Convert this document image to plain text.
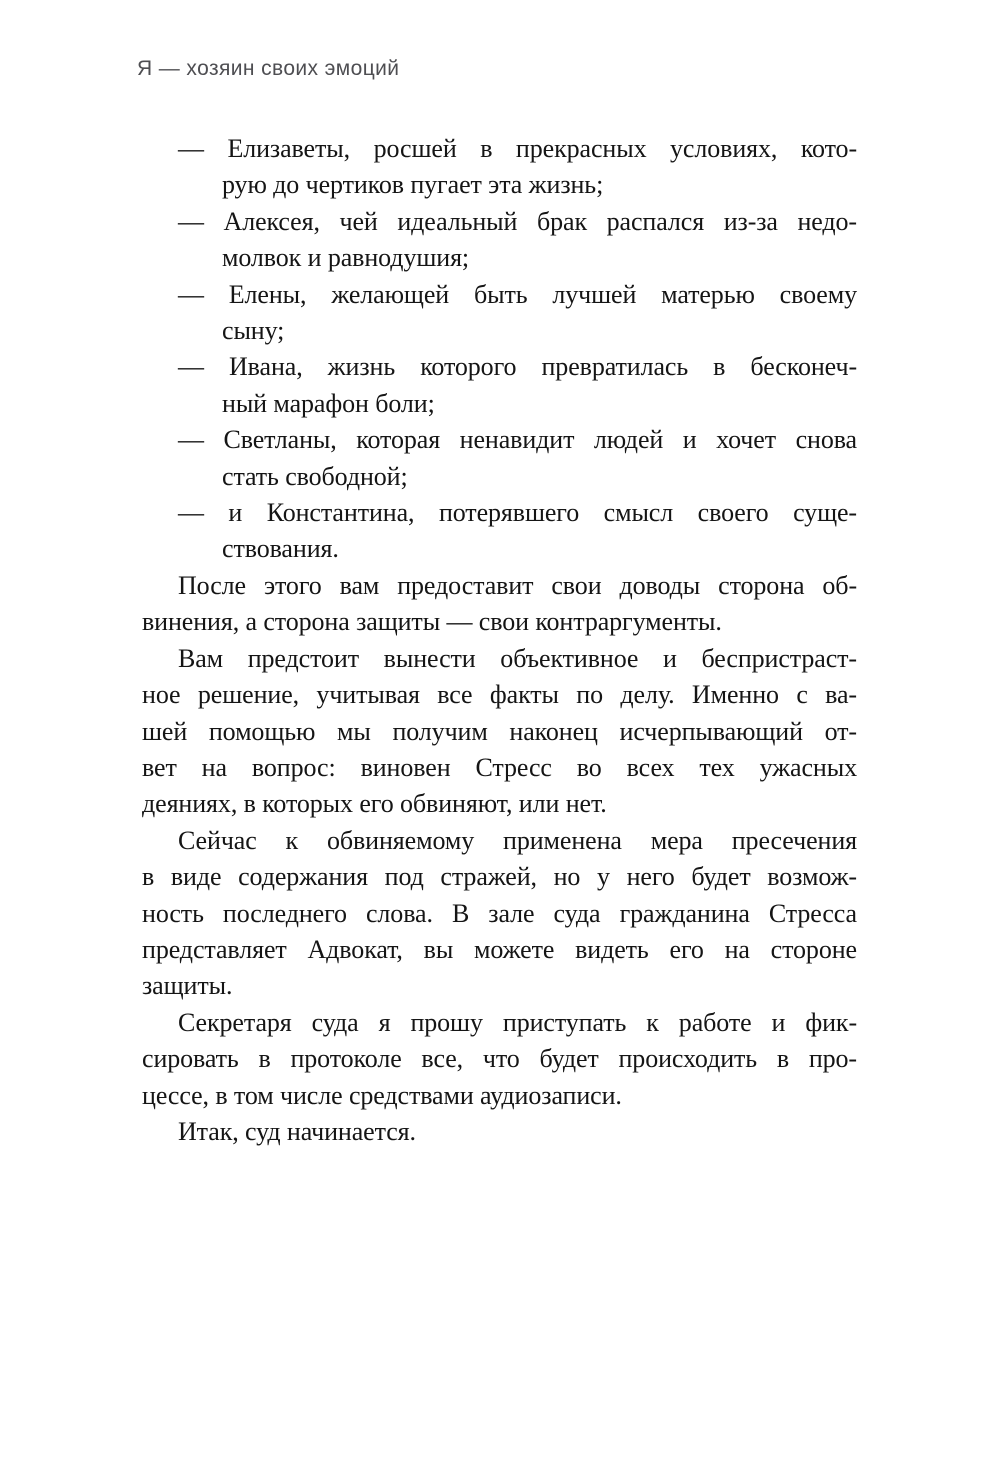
Я — хозяин своих эмоций
— Елизаветы, росшей в прекрасных условиях, кото-
рую до чертиков пугает эта жизнь;
— Алексея, чей идеальный брак распался из-за недо-
молвок и равнодушия;
— Елены, желающей быть лучшей матерью своему
сыну;
— Ивана, жизнь которого превратилась в бесконеч-
ный марафон боли;
— Светланы, которая ненавидит людей и хочет снова
стать свободной;
— и Константина, потерявшего смысл своего суще-
ствования.
После этого вам предоставит свои доводы сторона об-
винения, а сторона защиты — свои контраргументы.
Вам предстоит вынести объективное и беспристраст-
ное решение, учитывая все факты по делу. Именно с ва-
шей помощью мы получим наконец исчерпывающий от-
вет на вопрос: виновен Стресс во всех тех ужасных
деяниях, в которых его обвиняют, или нет.
Сейчас к обвиняемому применена мера пресечения
в виде содержания под стражей, но у него будет возмож-
ность последнего слова. В зале суда гражданина Стресса
представляет Адвокат, вы можете видеть его на стороне
защиты.
Секретаря суда я прошу приступать к работе и фик-
сировать в протоколе все, что будет происходить в про-
цессе, в том числе средствами аудиозаписи.
Итак, суд начинается.
